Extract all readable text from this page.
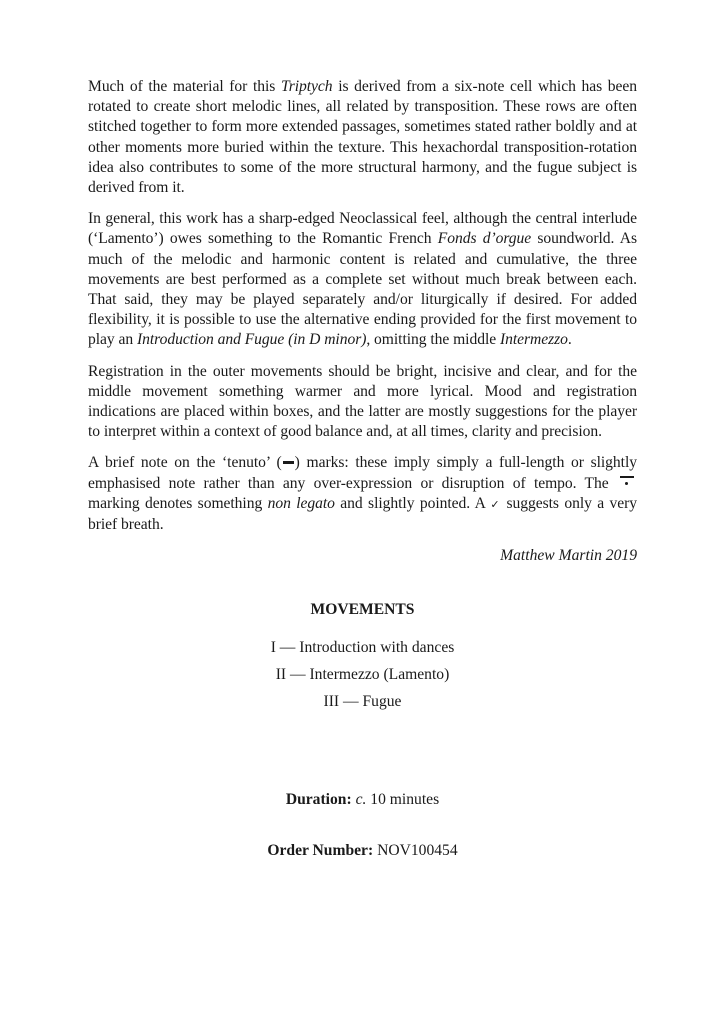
Much of the material for this Triptych is derived from a six-note cell which has been rotated to create short melodic lines, all related by transposition. These rows are often stitched together to form more extended passages, sometimes stated rather boldly and at other moments more buried within the texture. This hexachordal transposition-rotation idea also contributes to some of the more structural harmony, and the fugue subject is derived from it.

In general, this work has a sharp-edged Neoclassical feel, although the central interlude (‘Lamento’) owes something to the Romantic French Fonds d’orgue soundworld. As much of the melodic and harmonic content is related and cumulative, the three movements are best performed as a complete set without much break between each. That said, they may be played separately and/or liturgically if desired. For added flexibility, it is possible to use the alternative ending provided for the first movement to play an Introduction and Fugue (in D minor), omitting the middle Intermezzo.

Registration in the outer movements should be bright, incisive and clear, and for the middle movement something warmer and more lyrical. Mood and registration indications are placed within boxes, and the latter are mostly suggestions for the player to interpret within a context of good balance and, at all times, clarity and precision.

A brief note on the ‘tenuto’ ( ) marks: these imply simply a full-length or slightly emphasised note rather than any over-expression or disruption of tempo. The
marking denotes something non legato and slightly pointed. A ✓ suggests only a very brief breath.

Matthew Martin 2019
MOVEMENTS
I — Introduction with dances
II — Intermezzo (Lamento)
III — Fugue
Duration: c. 10 minutes
Order Number: NOV100454
